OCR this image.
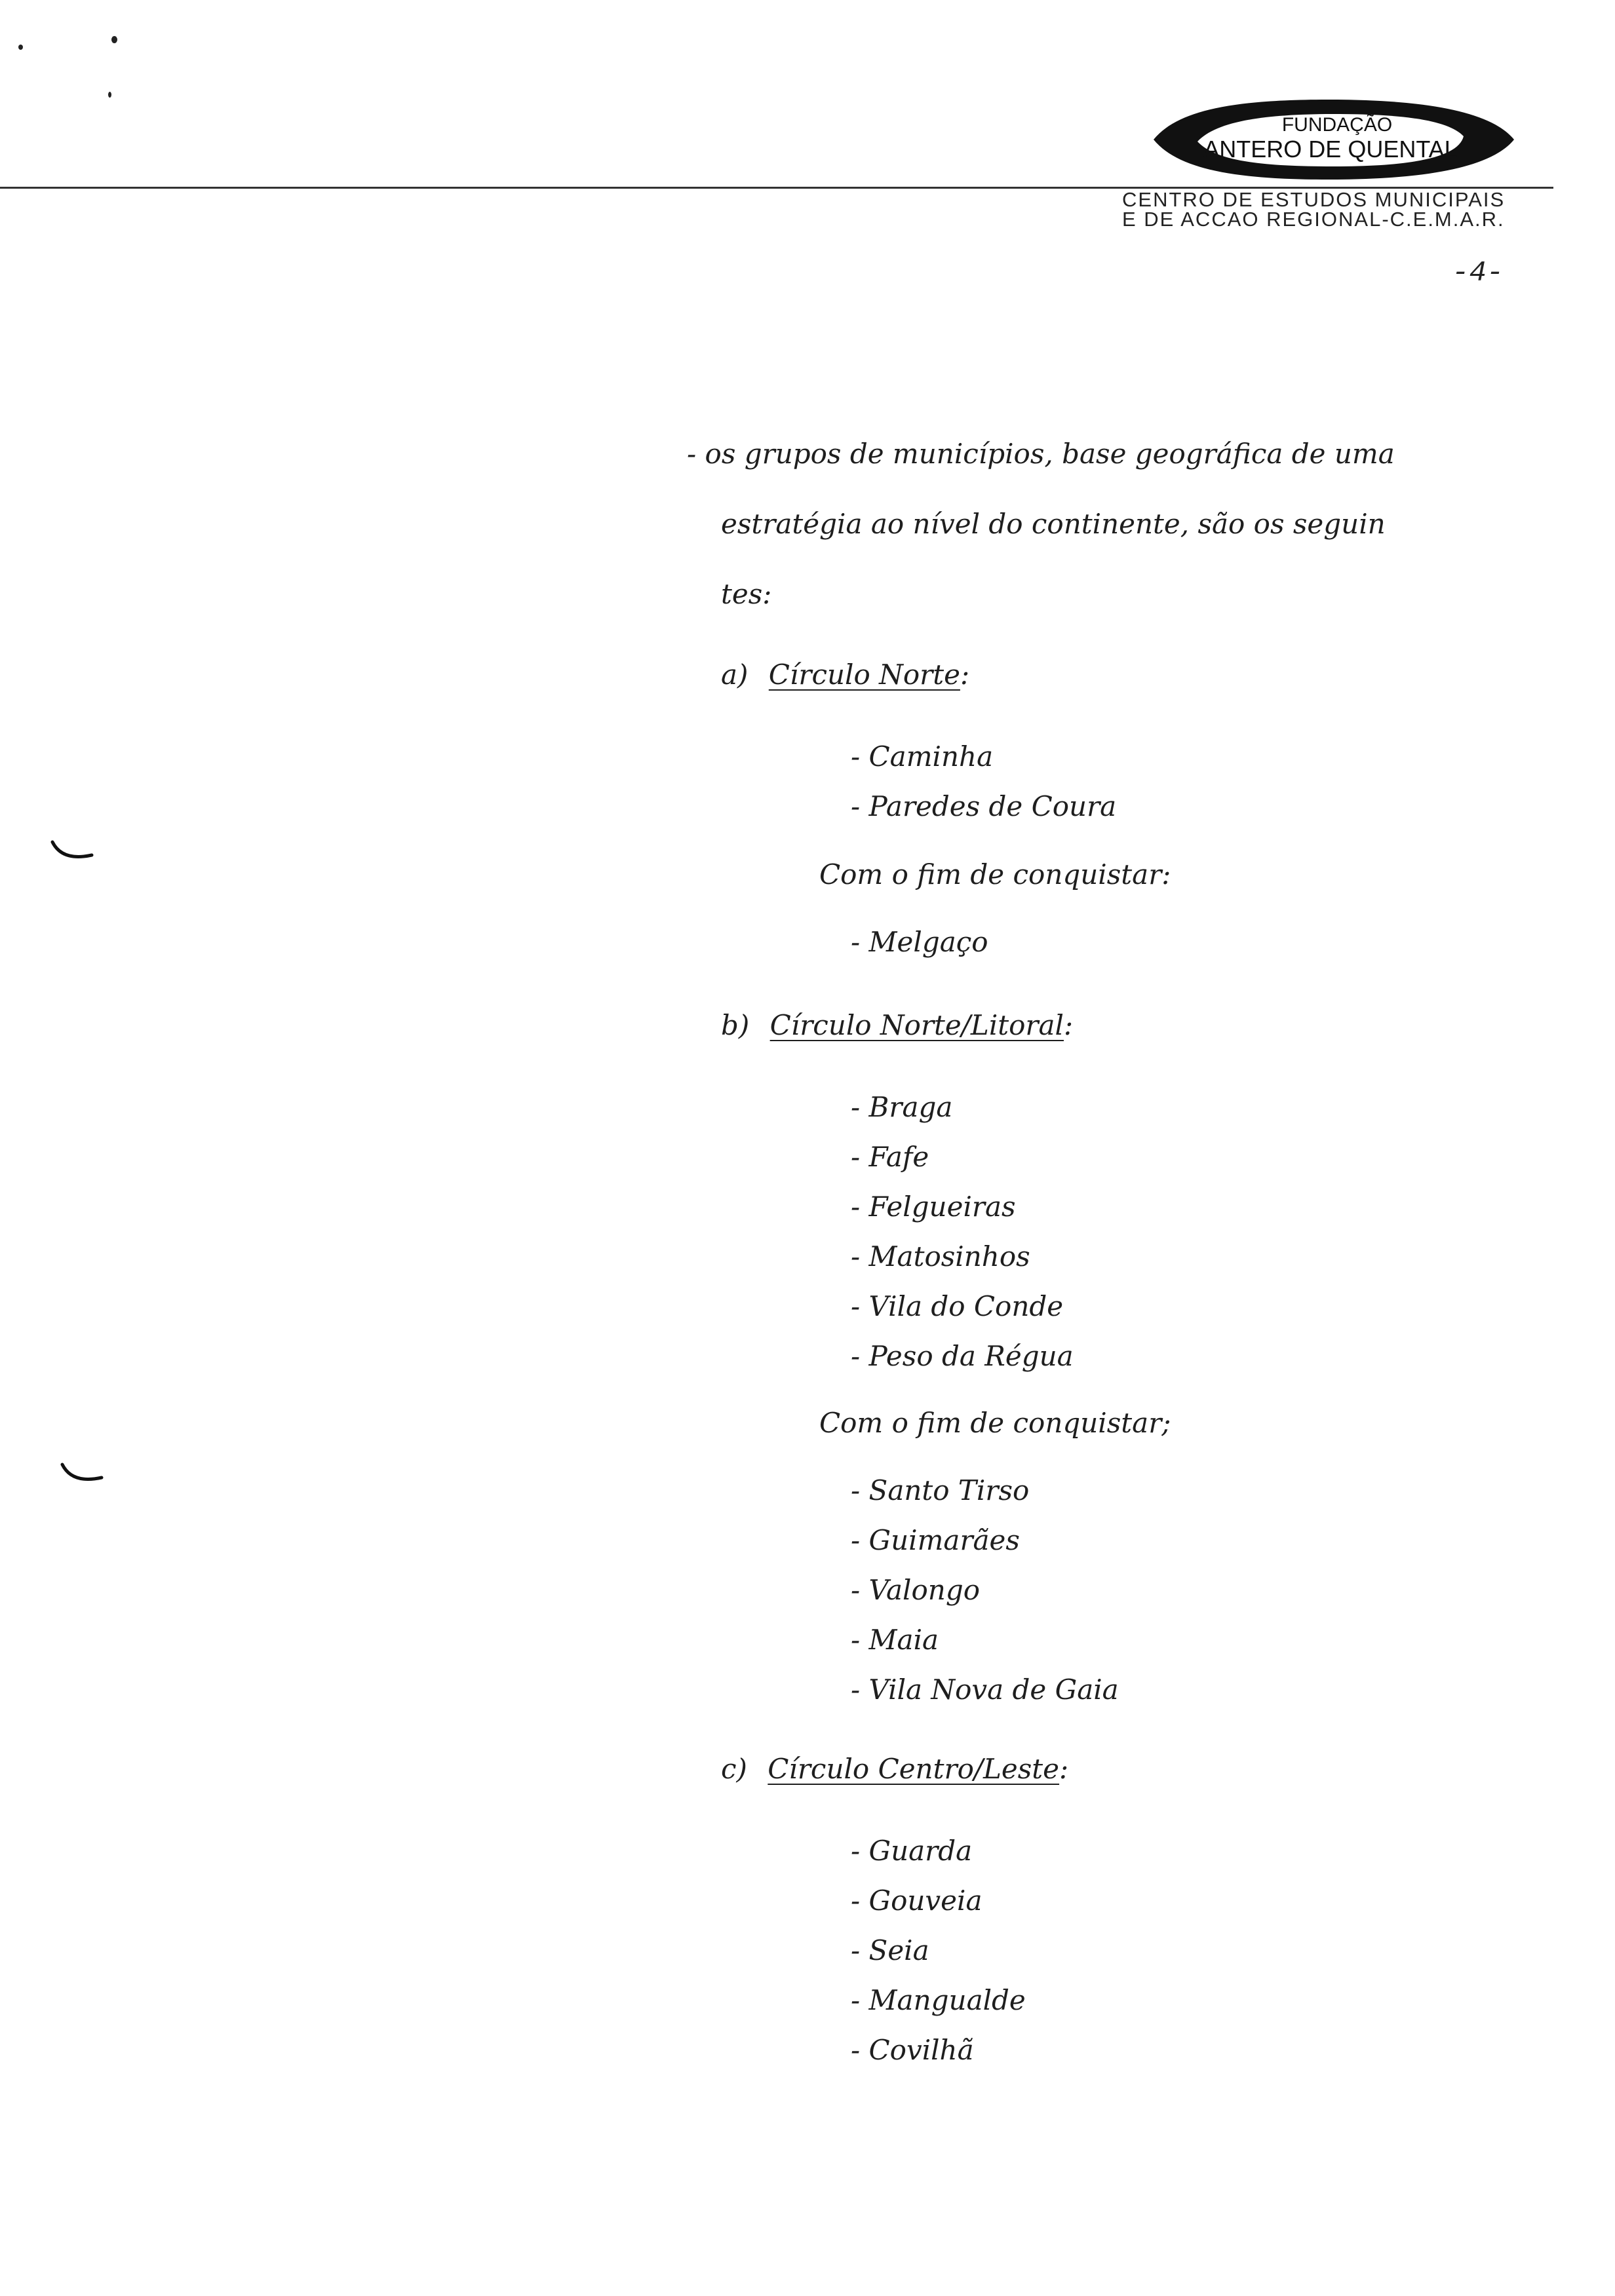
FUNDAÇÃO
ANTERO DE QUENTAL
CENTRO DE ESTUDOS MUNICIPAIS
E DE ACCAO REGIONAL-C.E.M.A.R.
-4-
- os grupos de municípios, base geográfica de uma
estratégia ao nível do continente, são os seguin
tes:
a) Círculo Norte:
- Caminha
- Paredes de Coura
Com o fim de conquistar:
- Melgaço
b) Círculo Norte/Litoral:
- Braga
- Fafe
- Felgueiras
- Matosinhos
- Vila do Conde
- Peso da Régua
Com o fim de conquistar;
- Santo Tirso
- Guimarães
- Valongo
- Maia
- Vila Nova de Gaia
c) Círculo Centro/Leste:
- Guarda
- Gouveia
- Seia
- Mangualde
- Covilhã
